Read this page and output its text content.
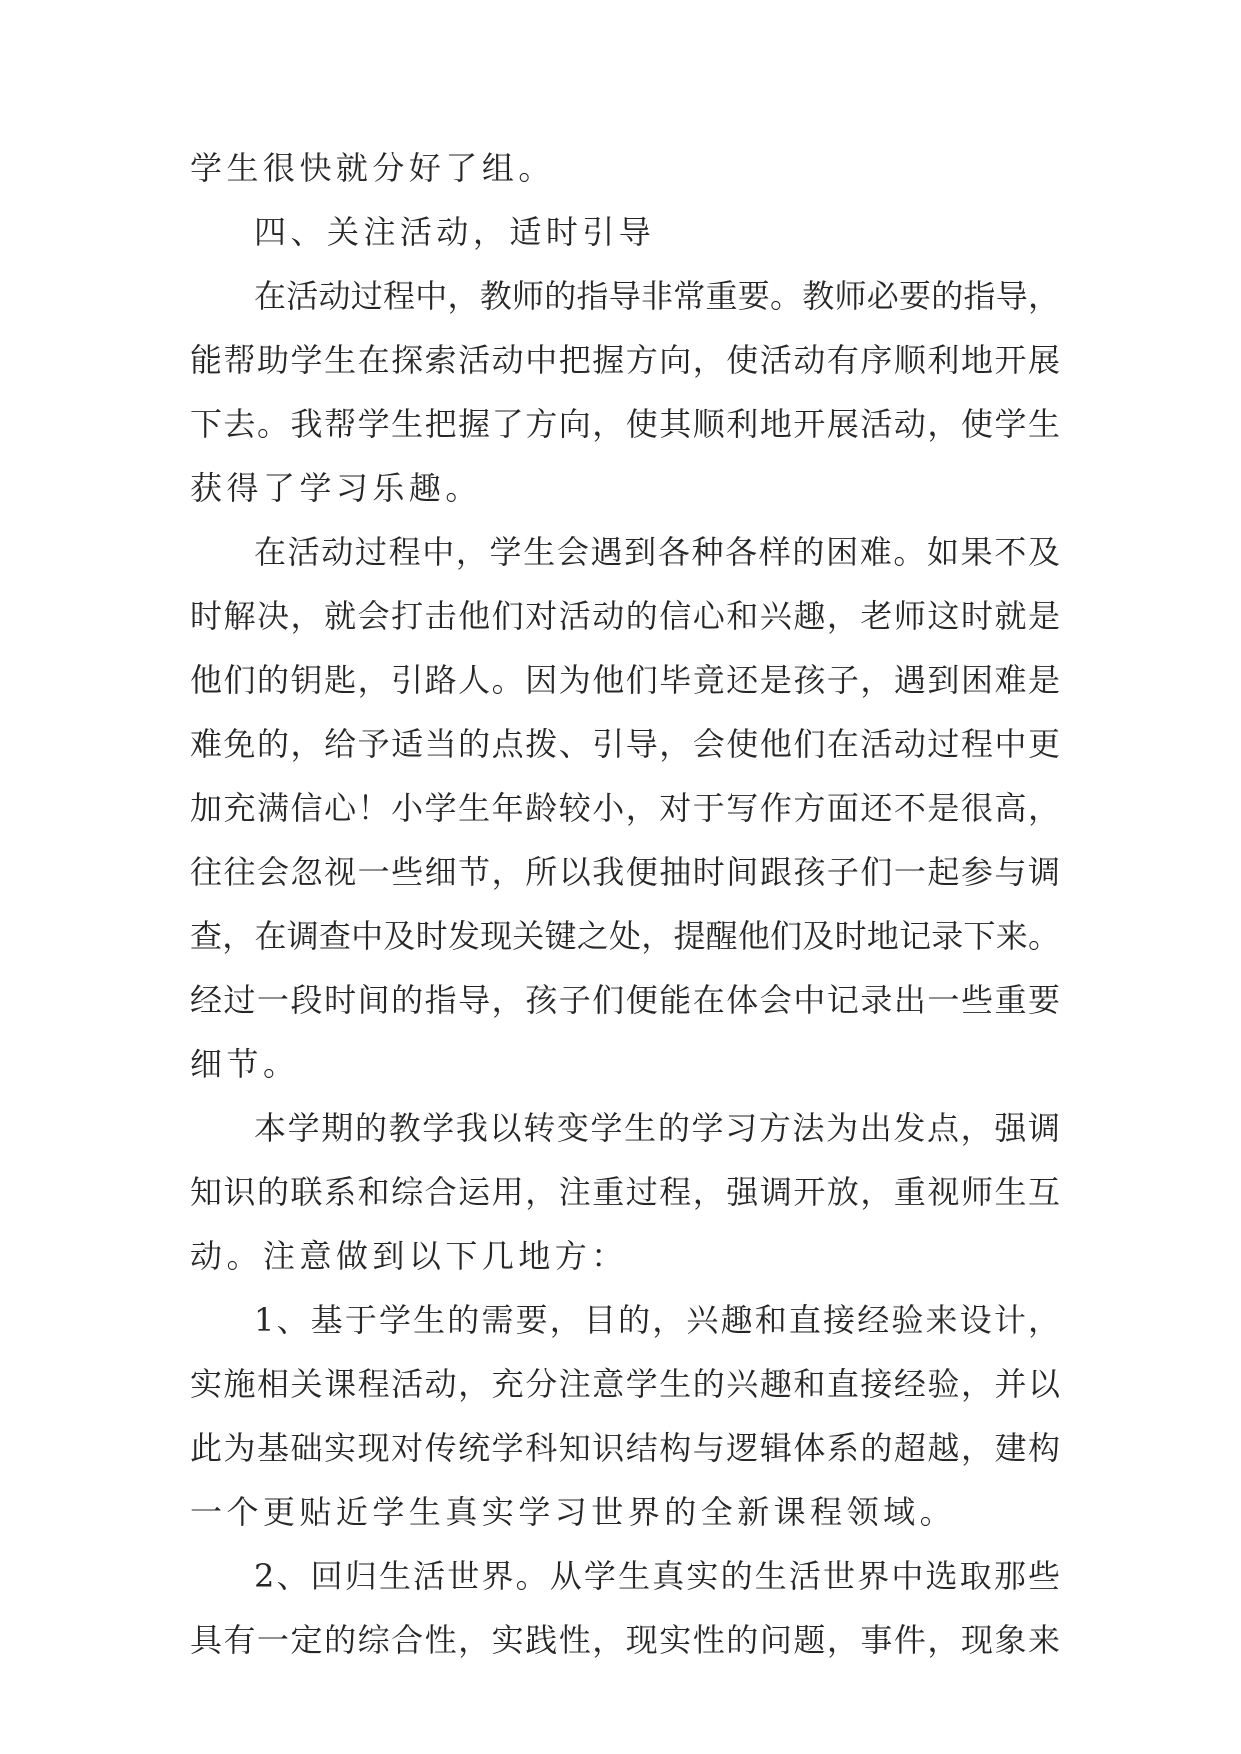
学生很快就分好了组。
四、关注活动，适时引导
在活动过程中，教师的指导非常重要。教师必要的指导，
能帮助学生在探索活动中把握方向，使活动有序顺利地开展
下去。我帮学生把握了方向，使其顺利地开展活动，使学生
获得了学习乐趣。
在活动过程中，学生会遇到各种各样的困难。如果不及
时解决，就会打击他们对活动的信心和兴趣，老师这时就是
他们的钥匙，引路人。因为他们毕竟还是孩子，遇到困难是
难免的，给予适当的点拨、引导，会使他们在活动过程中更
加充满信心！小学生年龄较小，对于写作方面还不是很高，
往往会忽视一些细节，所以我便抽时间跟孩子们一起参与调
查，在调查中及时发现关键之处，提醒他们及时地记录下来。
经过一段时间的指导，孩子们便能在体会中记录出一些重要
细节。
本学期的教学我以转变学生的学习方法为出发点，强调
知识的联系和综合运用，注重过程，强调开放，重视师生互
动。注意做到以下几地方：
1、基于学生的需要，目的，兴趣和直接经验来设计，
实施相关课程活动，充分注意学生的兴趣和直接经验，并以
此为基础实现对传统学科知识结构与逻辑体系的超越，建构
一个更贴近学生真实学习世界的全新课程领域。
2、回归生活世界。从学生真实的生活世界中选取那些
具有一定的综合性，实践性，现实性的问题，事件，现象来
